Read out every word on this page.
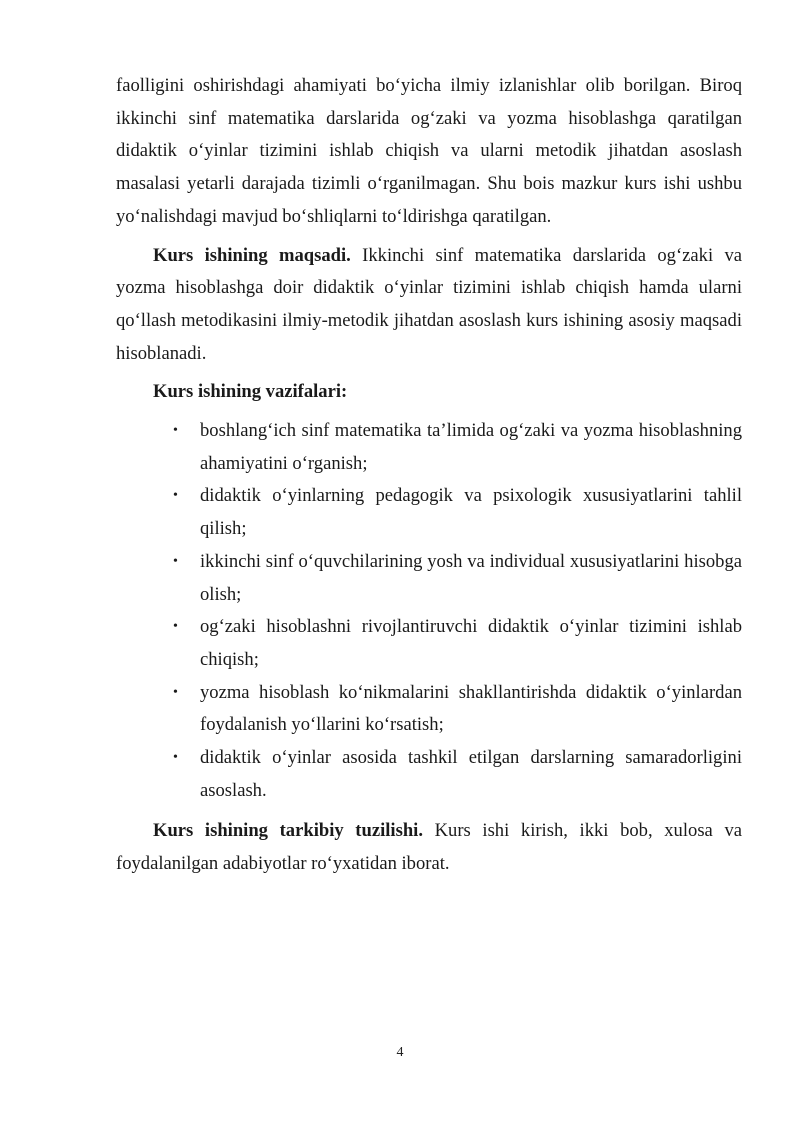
faolligini oshirishdagi ahamiyati bo‘yicha ilmiy izlanishlar olib borilgan. Biroq ikkinchi sinf matematika darslarida og‘zaki va yozma hisoblashga qaratilgan didaktik o‘yinlar tizimini ishlab chiqish va ularni metodik jihatdan asoslash masalasi yetarli darajada tizimli o‘rganilmagan. Shu bois mazkur kurs ishi ushbu yo‘nalishdagi mavjud bo‘shliqlarni to‘ldirishga qaratilgan.

Kurs ishining maqsadi. Ikkinchi sinf matematika darslarida og‘zaki va yozma hisoblashga doir didaktik o‘yinlar tizimini ishlab chiqish hamda ularni qo‘llash metodikasini ilmiy-metodik jihatdan asoslash kurs ishining asosiy maqsadi hisoblanadi.

Kurs ishining vazifalari:

• boshlang‘ich sinf matematika ta’limida og‘zaki va yozma hisoblashning ahamiyatini o‘rganish;
• didaktik o‘yinlarning pedagogik va psixologik xususiyatlarini tahlil qilish;
• ikkinchi sinf o‘quvchilarining yosh va individual xususiyatlarini hisobga olish;
• og‘zaki hisoblashni rivojlantiruvchi didaktik o‘yinlar tizimini ishlab chiqish;
• yozma hisoblash ko‘nikmalarini shakllantirishda didaktik o‘yinlardan foydalanish yo‘llarini ko‘rsatish;
• didaktik o‘yinlar asosida tashkil etilgan darslarning samaradorligini asoslash.

Kurs ishining tarkibiy tuzilishi. Kurs ishi kirish, ikki bob, xulosa va foydalanilgan adabiyotlar ro‘yxatidan iborat.

4
